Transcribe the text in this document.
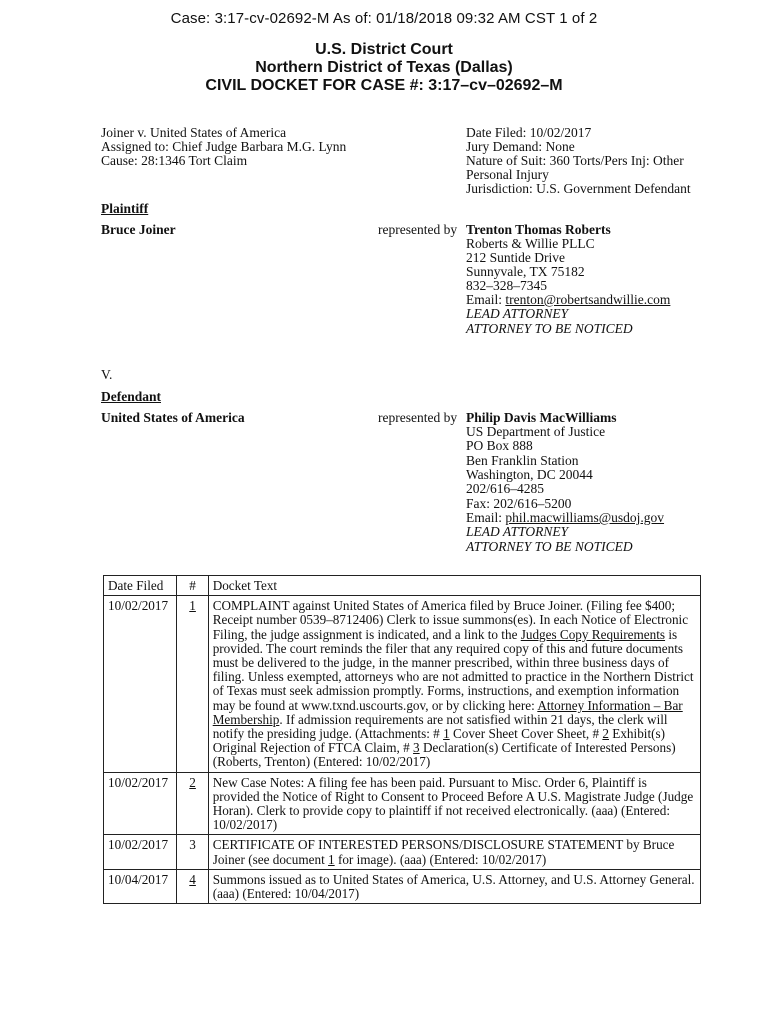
Case: 3:17-cv-02692-M As of: 01/18/2018 09:32 AM CST 1 of 2
U.S. District Court
Northern District of Texas (Dallas)
CIVIL DOCKET FOR CASE #: 3:17–cv–02692–M
Joiner v. United States of America
Assigned to: Chief Judge Barbara M.G. Lynn
Cause: 28:1346 Tort Claim
Date Filed: 10/02/2017
Jury Demand: None
Nature of Suit: 360 Torts/Pers Inj: Other
Personal Injury
Jurisdiction: U.S. Government Defendant
Plaintiff
Bruce Joiner	represented by Trenton Thomas Roberts
Roberts & Willie PLLC
212 Suntide Drive
Sunnyvale, TX 75182
832–328–7345
Email: trenton@robertsandwillie.com
LEAD ATTORNEY
ATTORNEY TO BE NOTICED
V.
Defendant
United States of America	represented by Philip Davis MacWilliams
US Department of Justice
PO Box 888
Ben Franklin Station
Washington, DC 20044
202/616–4285
Fax: 202/616–5200
Email: phil.macwilliams@usdoj.gov
LEAD ATTORNEY
ATTORNEY TO BE NOTICED
Date Filed	#	Docket Text
10/02/2017	1	COMPLAINT against United States of America filed by Bruce Joiner. (Filing fee $400; Receipt number 0539–8712406) Clerk to issue summons(es). In each Notice of Electronic Filing, the judge assignment is indicated, and a link to the Judges Copy Requirements is provided. The court reminds the filer that any required copy of this and future documents must be delivered to the judge, in the manner prescribed, within three business days of filing. Unless exempted, attorneys who are not admitted to practice in the Northern District of Texas must seek admission promptly. Forms, instructions, and exemption information may be found at www.txnd.uscourts.gov, or by clicking here: Attorney Information – Bar Membership. If admission requirements are not satisfied within 21 days, the clerk will notify the presiding judge. (Attachments: # 1 Cover Sheet Cover Sheet, # 2 Exhibit(s) Original Rejection of FTCA Claim, # 3 Declaration(s) Certificate of Interested Persons) (Roberts, Trenton) (Entered: 10/02/2017)
10/02/2017	2	New Case Notes: A filing fee has been paid. Pursuant to Misc. Order 6, Plaintiff is provided the Notice of Right to Consent to Proceed Before A U.S. Magistrate Judge (Judge Horan). Clerk to provide copy to plaintiff if not received electronically. (aaa) (Entered: 10/02/2017)
10/02/2017	3	CERTIFICATE OF INTERESTED PERSONS/DISCLOSURE STATEMENT by Bruce Joiner (see document 1 for image). (aaa) (Entered: 10/02/2017)
10/04/2017	4	Summons issued as to United States of America, U.S. Attorney, and U.S. Attorney General. (aaa) (Entered: 10/04/2017)
